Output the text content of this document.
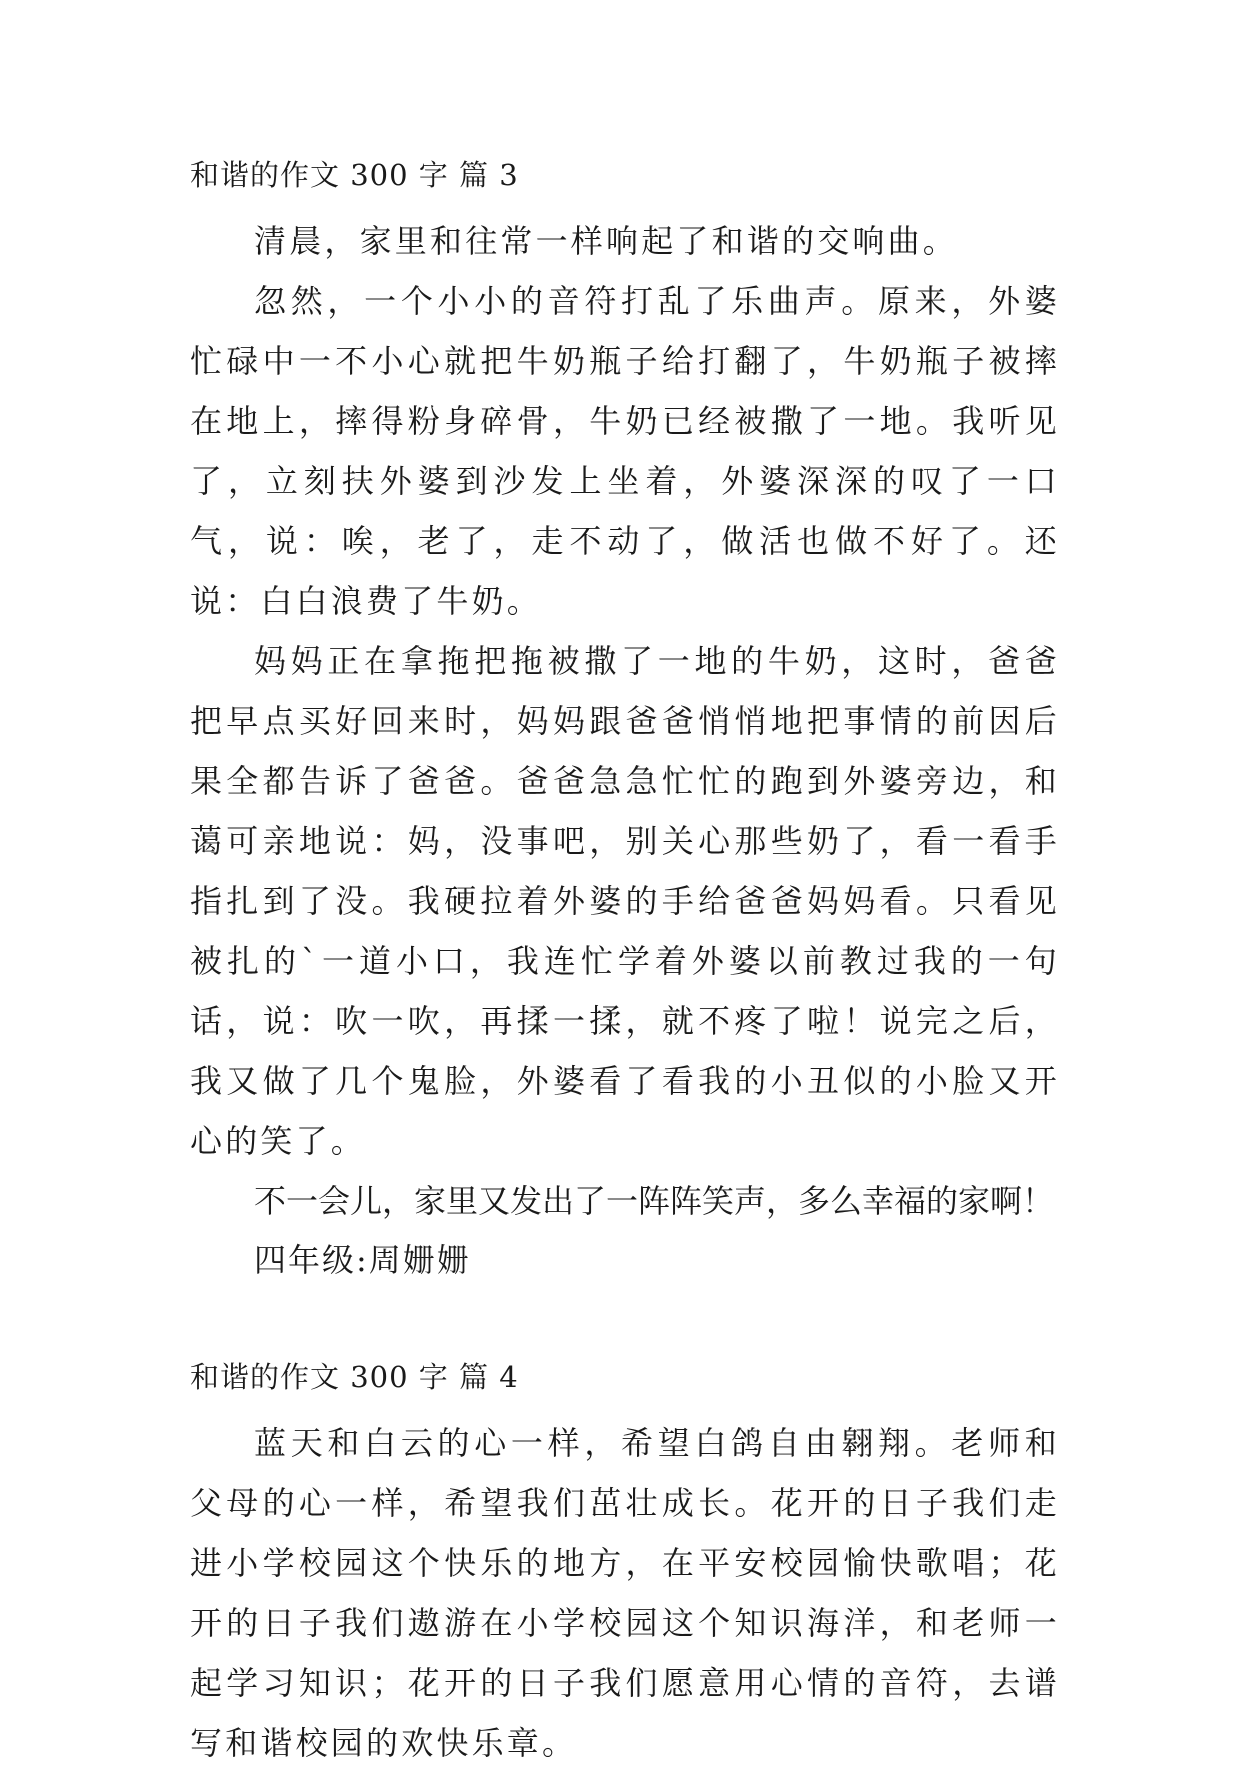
和谐的作文 300 字 篇 3

清晨，家里和往常一样响起了和谐的交响曲。

忽然，一个小小的音符打乱了乐曲声。原来，外婆忙碌中一不小心就把牛奶瓶子给打翻了，牛奶瓶子被摔在地上，摔得粉身碎骨，牛奶已经被撒了一地。我听见了，立刻扶外婆到沙发上坐着，外婆深深的叹了一口气，说：唉，老了，走不动了，做活也做不好了。还说：白白浪费了牛奶。

妈妈正在拿拖把拖被撒了一地的牛奶，这时，爸爸把早点买好回来时，妈妈跟爸爸悄悄地把事情的前因后果全都告诉了爸爸。爸爸急急忙忙的跑到外婆旁边，和蔼可亲地说：妈，没事吧，别关心那些奶了，看一看手指扎到了没。我硬拉着外婆的手给爸爸妈妈看。只看见被扎的`一道小口，我连忙学着外婆以前教过我的一句话，说：吹一吹，再揉一揉，就不疼了啦！说完之后，我又做了几个鬼脸，外婆看了看我的小丑似的小脸又开心的笑了。

不一会儿，家里又发出了一阵阵笑声，多么幸福的家啊！

四年级:周姗姗

和谐的作文 300 字 篇 4

蓝天和白云的心一样，希望白鸽自由翱翔。老师和父母的心一样，希望我们茁壮成长。花开的日子我们走进小学校园这个快乐的地方，在平安校园愉快歌唱；花开的日子我们遨游在小学校园这个知识海洋，和老师一起学习知识；花开的日子我们愿意用心情的音符，去谱写和谐校园的欢快乐章。
